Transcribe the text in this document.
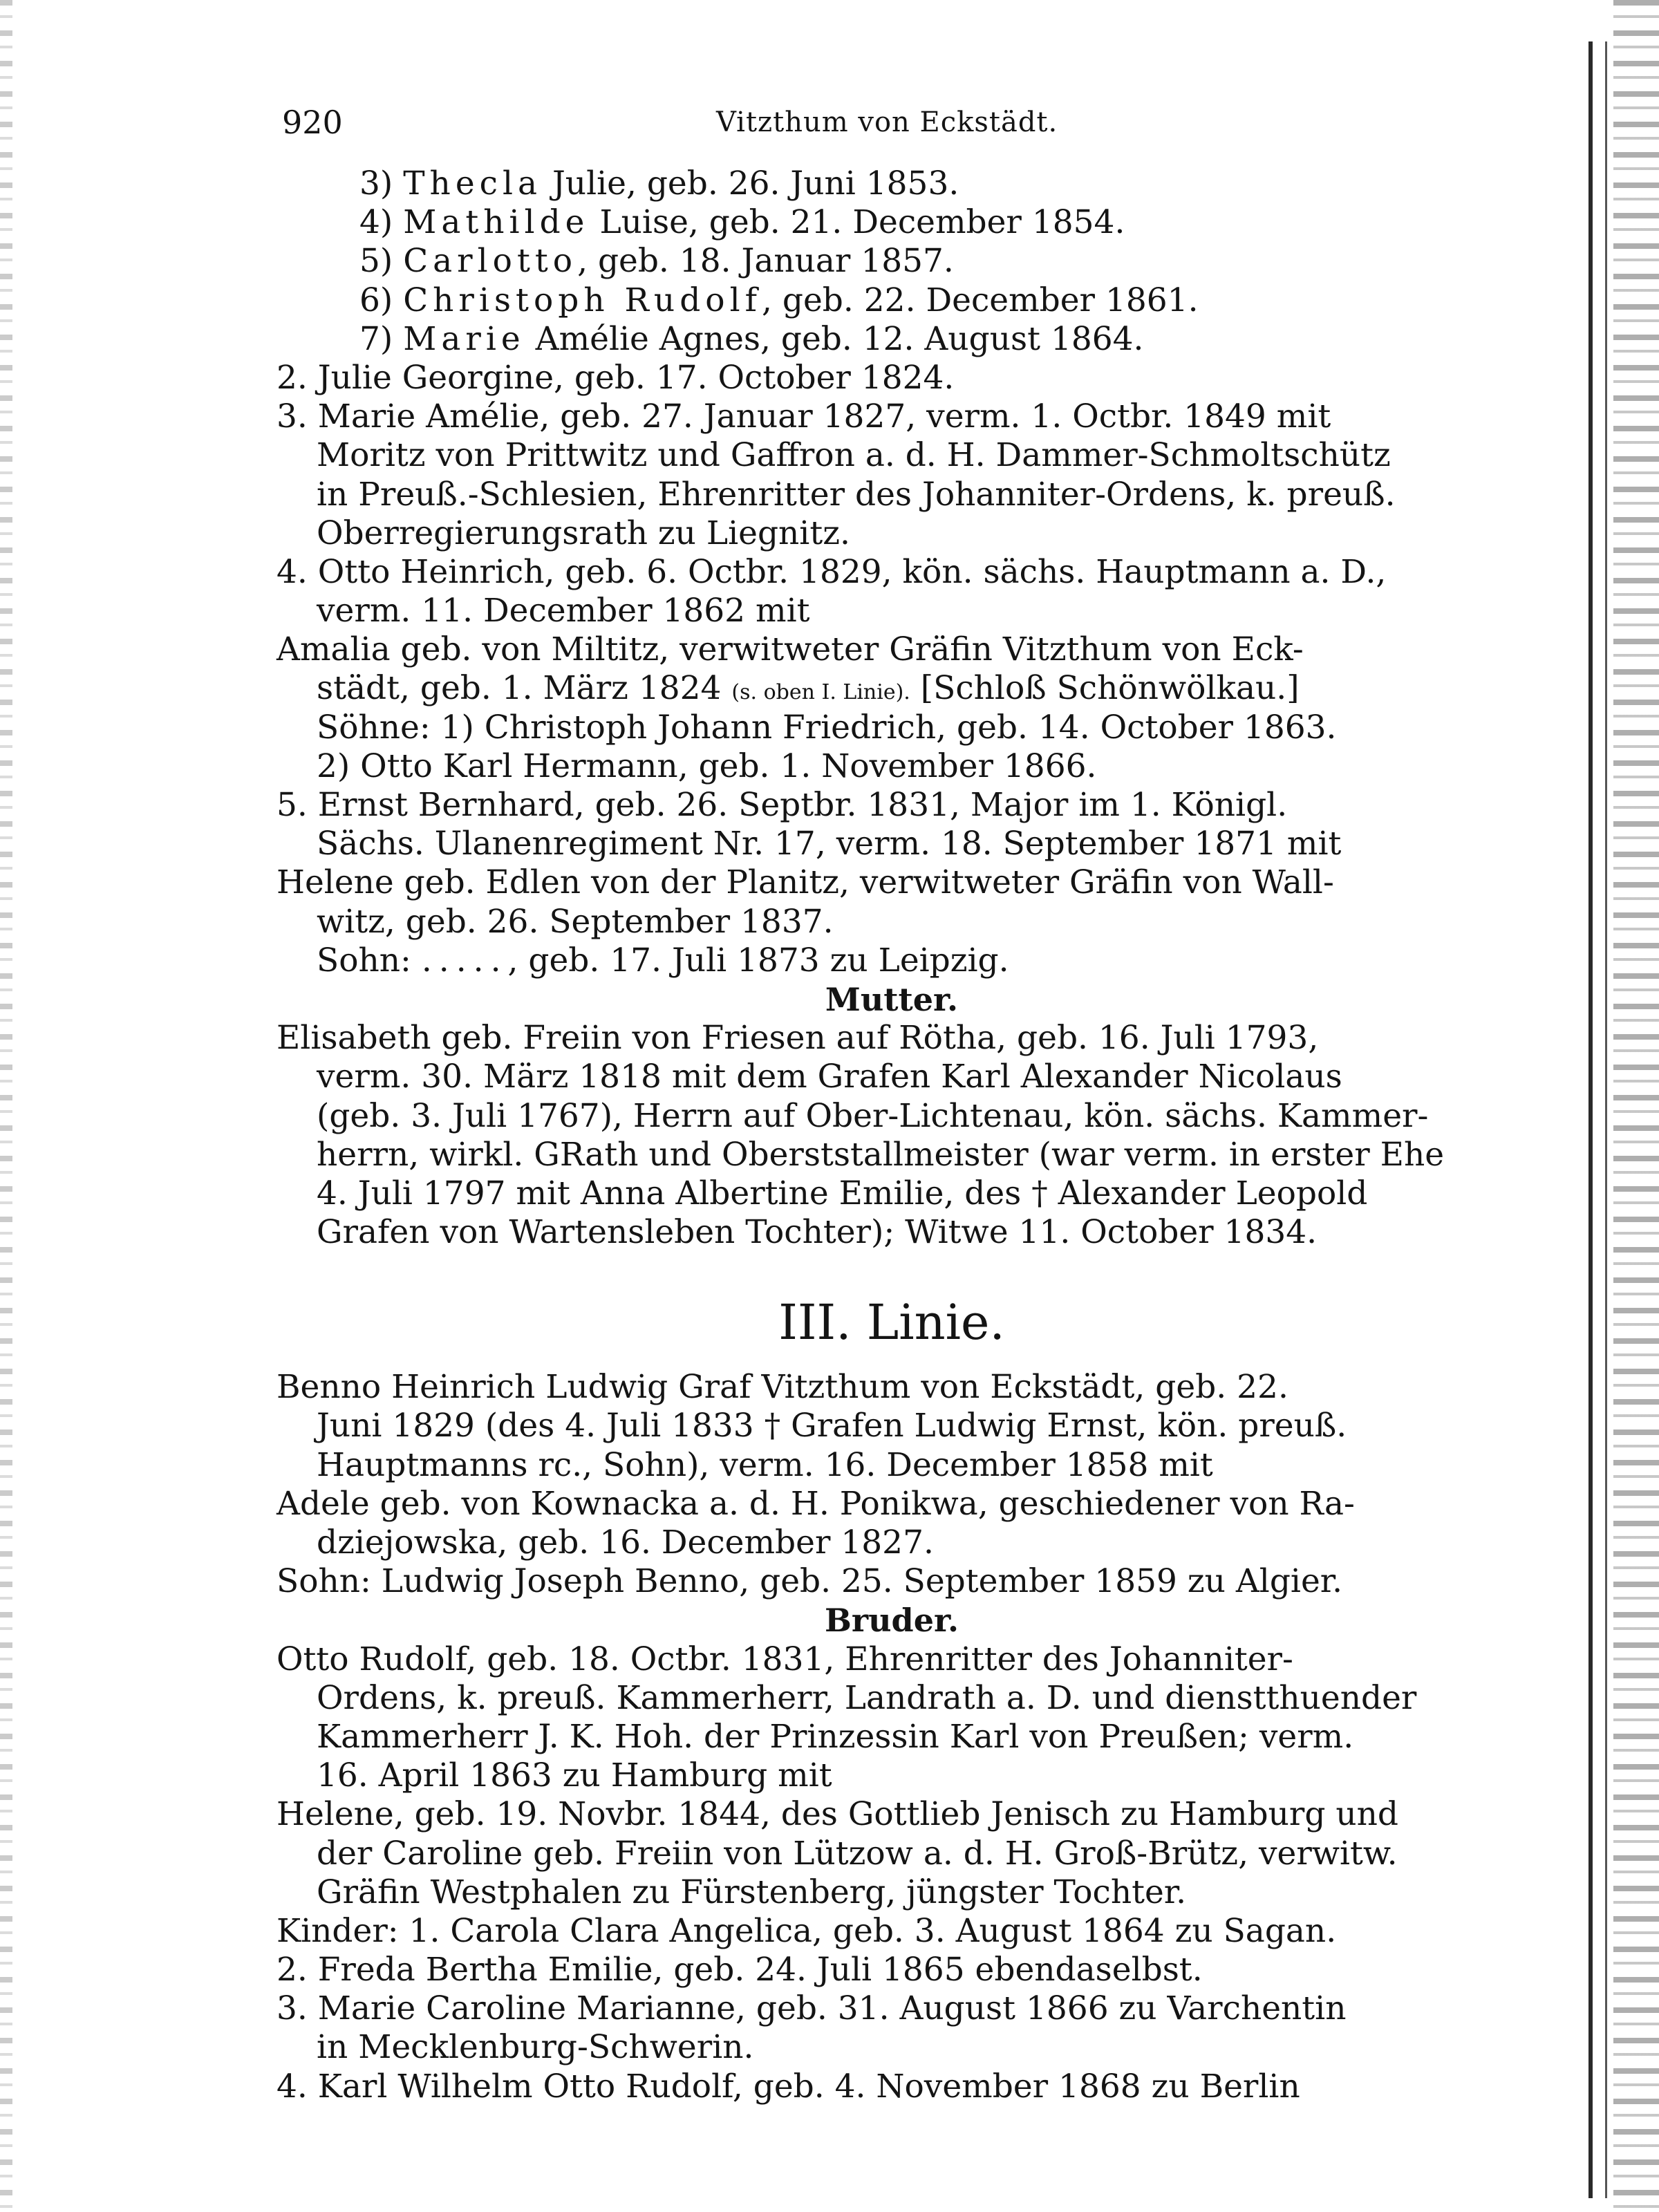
920	Vitzthum von Eckstädt.
3) Thecla Julie, geb. 26. Juni 1853.
4) Mathilde Luise, geb. 21. December 1854.
5) Carlotto, geb. 18. Januar 1857.
6) Christoph Rudolf, geb. 22. December 1861.
7) Marie Amélie Agnes, geb. 12. August 1864.
2. Julie Georgine, geb. 17. October 1824.
3. Marie Amélie, geb. 27. Januar 1827, verm. 1. Octbr. 1849 mit
Moritz von Prittwitz und Gaffron a. d. H. Dammer-Schmoltschütz
in Preuß.-Schlesien, Ehrenritter des Johanniter-Ordens, k. preuß.
Oberregierungsrath zu Liegnitz.
4. Otto Heinrich, geb. 6. Octbr. 1829, kön. sächs. Hauptmann a. D.,
verm. 11. December 1862 mit
Amalia geb. von Miltitz, verwitweter Gräfin Vitzthum von Eck-
städt, geb. 1. März 1824 (s. oben I. Linie). [Schloß Schönwölkau.]
Söhne: 1) Christoph Johann Friedrich, geb. 14. October 1863.
2) Otto Karl Hermann, geb. 1. November 1866.
5. Ernst Bernhard, geb. 26. Septbr. 1831, Major im 1. Königl.
Sächs. Ulanenregiment Nr. 17, verm. 18. September 1871 mit
Helene geb. Edlen von der Planitz, verwitweter Gräfin von Wall-
witz, geb. 26. September 1837.
Sohn: ....., geb. 17. Juli 1873 zu Leipzig.
Mutter.
Elisabeth geb. Freiin von Friesen auf Rötha, geb. 16. Juli 1793,
verm. 30. März 1818 mit dem Grafen Karl Alexander Nicolaus
(geb. 3. Juli 1767), Herrn auf Ober-Lichtenau, kön. sächs. Kammer-
herrn, wirkl. GRath und Oberststallmeister (war verm. in erster Ehe
4. Juli 1797 mit Anna Albertine Emilie, des † Alexander Leopold
Grafen von Wartensleben Tochter); Witwe 11. October 1834.
III. Linie.
Benno Heinrich Ludwig Graf Vitzthum von Eckstädt, geb. 22.
Juni 1829 (des 4. Juli 1833 † Grafen Ludwig Ernst, kön. preuß.
Hauptmanns rc., Sohn), verm. 16. December 1858 mit
Adele geb. von Kownacka a. d. H. Ponikwa, geschiedener von Ra-
dziejowska, geb. 16. December 1827.
Sohn: Ludwig Joseph Benno, geb. 25. September 1859 zu Algier.
Bruder.
Otto Rudolf, geb. 18. Octbr. 1831, Ehrenritter des Johanniter-
Ordens, k. preuß. Kammerherr, Landrath a. D. und dienstthuender
Kammerherr J. K. Hoh. der Prinzessin Karl von Preußen; verm.
16. April 1863 zu Hamburg mit
Helene, geb. 19. Novbr. 1844, des Gottlieb Jenisch zu Hamburg und
der Caroline geb. Freiin von Lützow a. d. H. Groß-Brütz, verwitw.
Gräfin Westphalen zu Fürstenberg, jüngster Tochter.
Kinder: 1. Carola Clara Angelica, geb. 3. August 1864 zu Sagan.
2. Freda Bertha Emilie, geb. 24. Juli 1865 ebendaselbst.
3. Marie Caroline Marianne, geb. 31. August 1866 zu Varchentin
in Mecklenburg-Schwerin.
4. Karl Wilhelm Otto Rudolf, geb. 4. November 1868 zu Berlin
